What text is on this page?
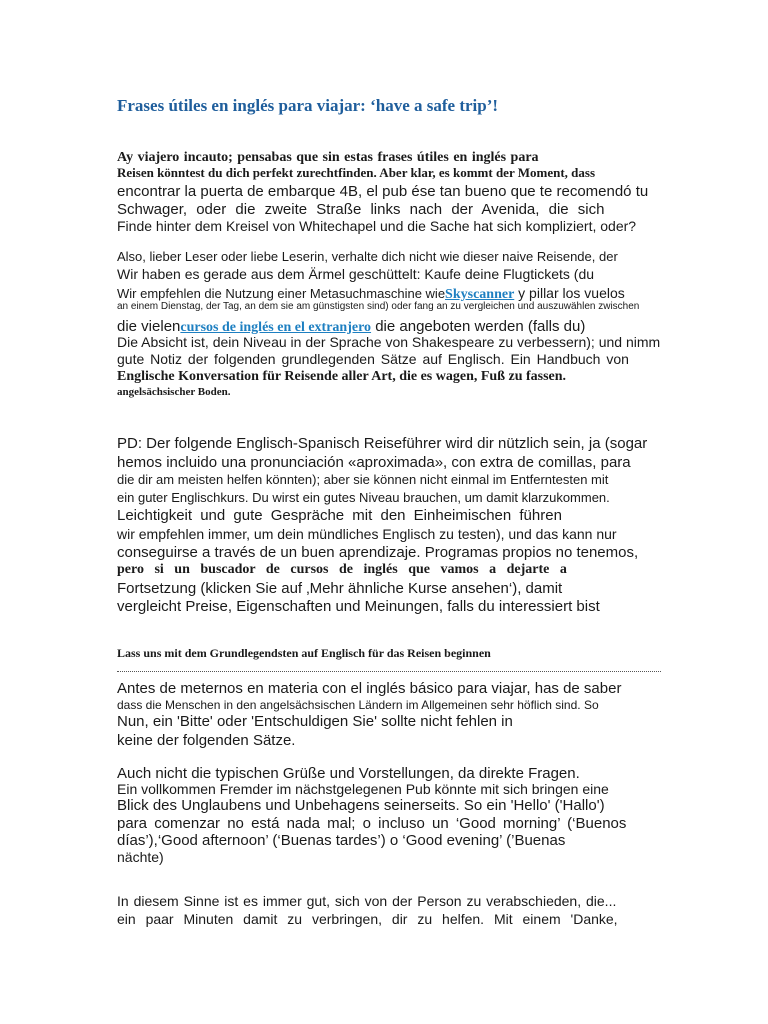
Frases útiles en inglés para viajar: ‘have a safe trip’!

Ay viajero incauto; pensabas que sin estas frases útiles en inglés para

Reisen könntest du dich perfekt zurechtfinden. Aber klar, es kommt der Moment, dass

encontrar la puerta de embarque 4B, el pub ése tan bueno que te recomendó tu

Schwager, oder die zweite Straße links nach der Avenida, die sich

Finde hinter dem Kreisel von Whitechapel und die Sache hat sich kompliziert, oder?

Also, lieber Leser oder liebe Leserin, verhalte dich nicht wie dieser naive Reisende, der

Wir haben es gerade aus dem Ärmel geschüttelt: Kaufe deine Flugtickets (du

Wir empfehlen die Nutzung einer Metasuchmaschine wieSkyscanner y pillar los vuelos

an einem Dienstag, der Tag, an dem sie am günstigsten sind) oder fang an zu vergleichen und auszuwählen zwischen

die vielencursos de inglés en el extranjero die angeboten werden (falls du)

Die Absicht ist, dein Niveau in der Sprache von Shakespeare zu verbessern); und nimm

gute Notiz der folgenden grundlegenden Sätze auf Englisch. Ein Handbuch von

Englische Konversation für Reisende aller Art, die es wagen, Fuß zu fassen.

angelsächsischer Boden.

PD: Der folgende Englisch-Spanisch Reiseführer wird dir nützlich sein, ja (sogar

hemos incluido una pronunciación «aproximada», con extra de comillas, para

die dir am meisten helfen könnten); aber sie können nicht einmal im Entferntesten mit

ein guter Englischkurs. Du wirst ein gutes Niveau brauchen, um damit klarzukommen.

Leichtigkeit und gute Gespräche mit den Einheimischen führen

wir empfehlen immer, um dein mündliches Englisch zu testen), und das kann nur

conseguirse a través de un buen aprendizaje. Programas propios no tenemos,

pero si un buscador de cursos de inglés que vamos a dejarte a

Fortsetzung (klicken Sie auf ‚Mehr ähnliche Kurse ansehen‘), damit

vergleicht Preise, Eigenschaften und Meinungen, falls du interessiert bist

Lass uns mit dem Grundlegendsten auf Englisch für das Reisen beginnen

Antes de meternos en materia con el inglés básico para viajar, has de saber

dass die Menschen in den angelsächsischen Ländern im Allgemeinen sehr höflich sind. So

Nun, ein 'Bitte' oder 'Entschuldigen Sie' sollte nicht fehlen in

keine der folgenden Sätze.

Auch nicht die typischen Grüße und Vorstellungen, da direkte Fragen.

Ein vollkommen Fremder im nächstgelegenen Pub könnte mit sich bringen eine

Blick des Unglaubens und Unbehagens seinerseits. So ein 'Hello' ('Hallo')

para comenzar no está nada mal; o incluso un ‘Good morning’ (‘Buenos

días’),‘Good afternoon’ (‘Buenas tardes’) o ‘Good evening’ (’Buenas

nächte)

In diesem Sinne ist es immer gut, sich von der Person zu verabschieden, die...

ein paar Minuten damit zu verbringen, dir zu helfen. Mit einem 'Danke,
